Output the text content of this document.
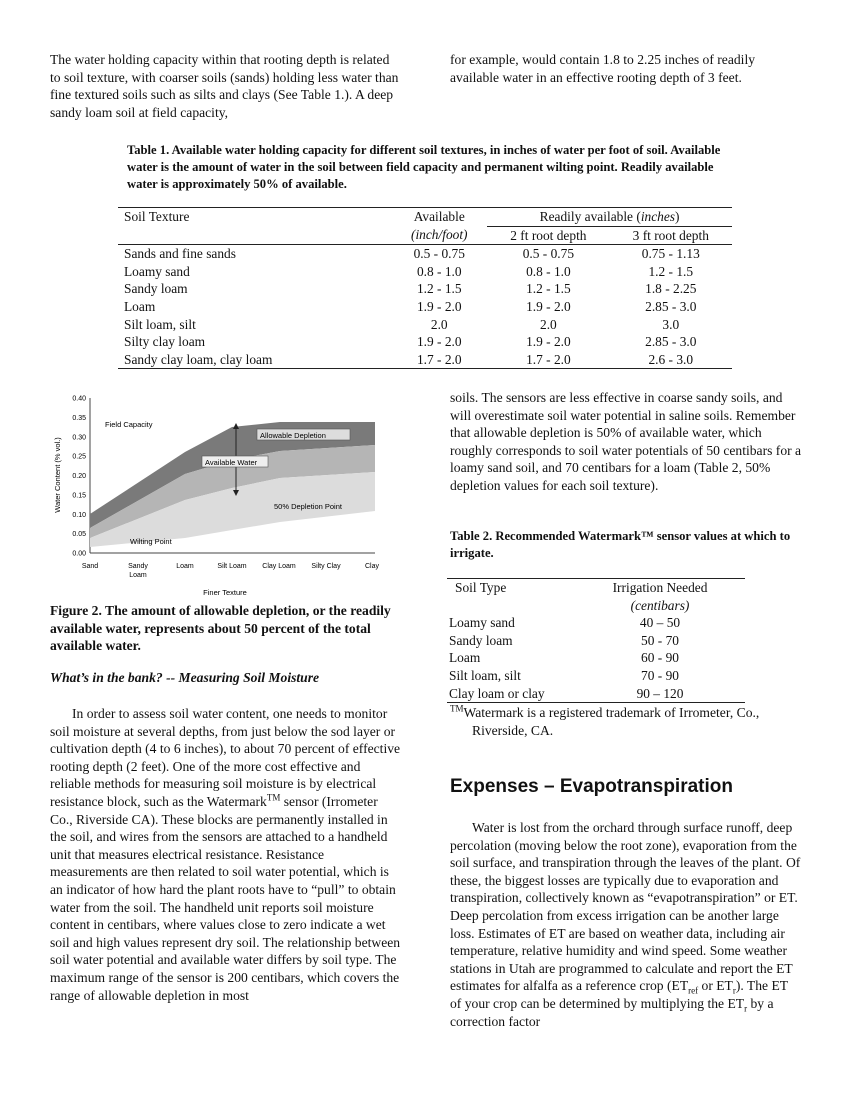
The water holding capacity within that rooting depth is related to soil texture, with coarser soils (sands) holding less water than fine textured soils such as silts and clays (See Table 1.). A deep sandy loam soil at field capacity,

for example, would contain 1.8 to 2.25 inches of readily available water in an effective rooting depth of 3 feet.

Table 1. Available water holding capacity for different soil textures, in inches of water per foot of soil. Available water is the amount of water in the soil between field capacity and permanent wilting point. Readily available water is approximately 50% of available.

Soil Texture	Available	Readily available (inches)	
	(inch/foot)	2 ft root depth	3 ft root depth
Sands and fine sands	0.5 - 0.75	0.5 - 0.75	0.75 - 1.13
Loamy sand	0.8 - 1.0	0.8 - 1.0	1.2 - 1.5
Sandy loam	1.2 - 1.5	1.2 - 1.5	1.8 - 2.25
Loam	1.9 - 2.0	1.9 - 2.0	2.85 - 3.0
Silt loam, silt	2.0	2.0	3.0
Silty clay loam	1.9 - 2.0	1.9 - 2.0	2.85 - 3.0
Sandy clay loam, clay loam	1.7 - 2.0	1.7 - 2.0	2.6 - 3.0
0.40
0.35
0.30
0.25
0.20
0.15
0.10
0.05
0.00
Sand	Sandy Loam
Loam	Silt Loam Clay Loam Silty Clay	Clay
Water Content (% vol.)
Finer Texture
Field Capacity
Allowable Depletion
Available Water
50% Depletion Point
Wilting Point

Figure 2. The amount of allowable depletion, or the readily available water, represents about 50 percent of the total available water.

What’s in the bank? -- Measuring Soil Moisture

In order to assess soil water content, one needs to monitor soil moisture at several depths, from just below the sod layer or cultivation depth (4 to 6 inches), to about 70 percent of effective rooting depth (2 feet). One of the more cost effective and reliable methods for measuring soil moisture is by electrical resistance block, such as the Watermark™ sensor (Irrometer Co., Riverside CA). These blocks are permanently installed in the soil, and wires from the sensors are attached to a handheld unit that measures electrical resistance. Resistance measurements are then related to soil water potential, which is an indicator of how hard the plant roots have to “pull” to obtain water from the soil. The handheld unit reports soil moisture content in centibars, where values close to zero indicate a wet soil and high values represent dry soil. The relationship between soil water potential and available water differs by soil type. The maximum range of the sensor is 200 centibars, which covers the range of allowable depletion in most

soils. The sensors are less effective in coarse sandy soils, and will overestimate soil water potential in saline soils. Remember that allowable depletion is 50% of available water, which roughly corresponds to soil water potentials of 50 centibars for a loamy sand soil, and 70 centibars for a loam (Table 2, 50% depletion values for each soil texture).

Table 2. Recommended Watermark™ sensor values at which to irrigate.

Soil Type	Irrigation Needed
	(centibars)
Loamy sand	40 – 50
Sandy loam	50 - 70
Loam	60 - 90
Silt loam, silt	70 - 90
Clay loam or clay	90 – 120

™Watermark is a registered trademark of Irrometer, Co., Riverside, CA.

Expenses – Evapotranspiration

Water is lost from the orchard through surface runoff, deep percolation (moving below the root zone), evaporation from the soil surface, and transpiration through the leaves of the plant. Of these, the biggest losses are typically due to evaporation and transpiration, collectively known as “evapotranspiration” or ET. Deep percolation from excess irrigation can be another large loss. Estimates of ET are based on weather data, including air temperature, relative humidity and wind speed. Some weather stations in Utah are programmed to calculate and report the ET estimates for alfalfa as a reference crop ($ET_{ref}$ or $ET_r$). The ET of your crop can be determined by multiplying the $ET_r$ by a correction factor
